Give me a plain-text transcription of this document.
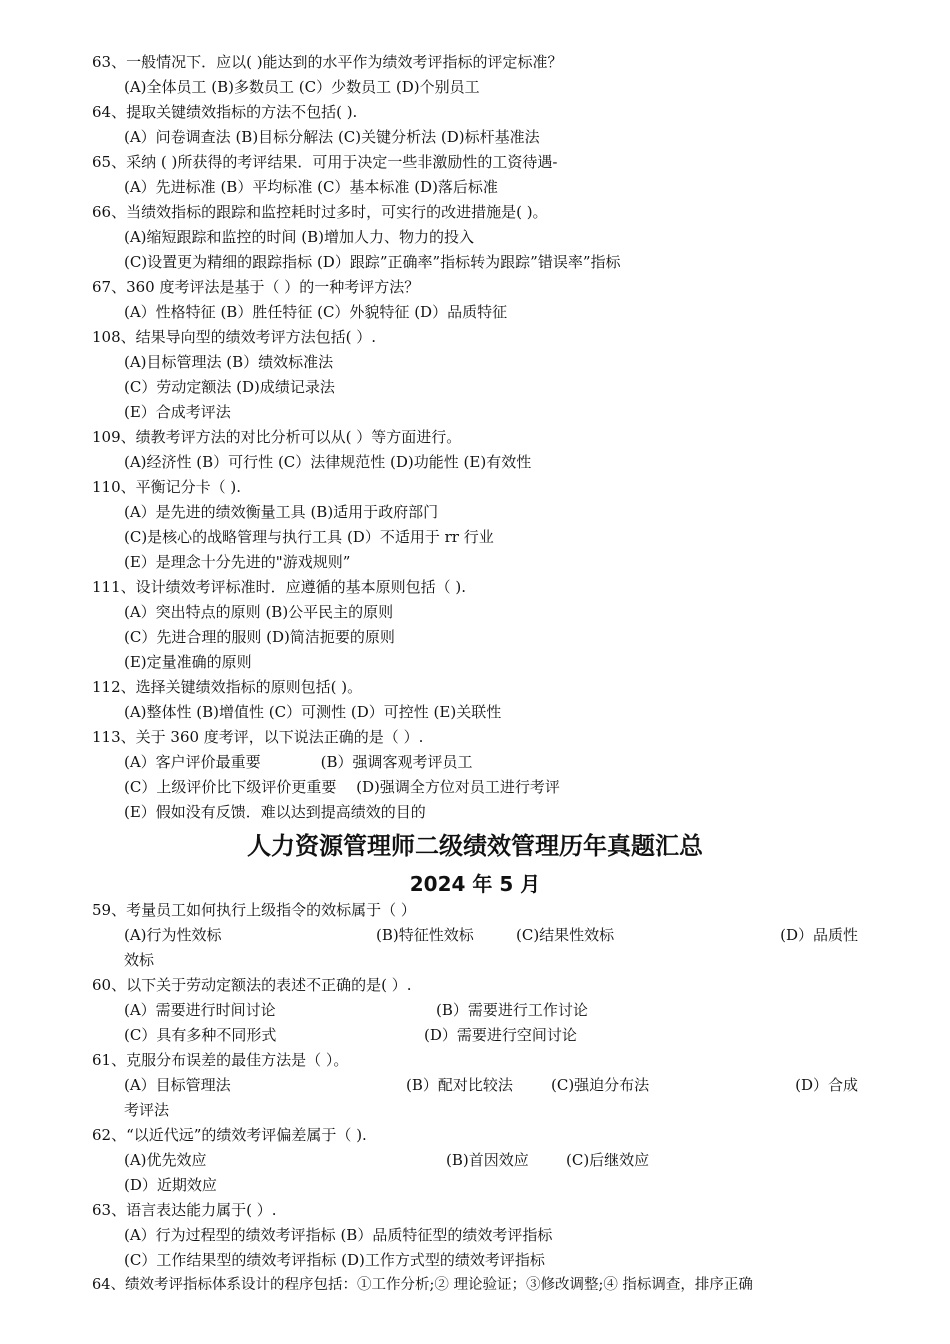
63、一般情况下．应以( )能达到的水平作为绩效考评指标的评定标准？
(A)全体员工 (B)多数员工 (C）少数员工 (D)个别员工
64、提取关键绩效指标的方法不包括( ).
(A）问卷调查法 (B)目标分解法 (C)关键分析法 (D)标杆基准法
65、采纳 ( )所获得的考评结果．可用于决定一些非激励性的工资待遇-
(A）先进标准 (B）平均标准 (C）基本标准 (D)落后标准
66、当绩效指标的跟踪和监控耗时过多时，可实行的改进措施是( )。
(A)缩短跟踪和监控的时间 (B)增加人力、物力的投入
(C)设置更为精细的跟踪指标 (D）跟踪”正确率”指标转为跟踪”错误率”指标
67、360 度考评法是基于（ ）的一种考评方法？
(A）性格特征 (B）胜任特征 (C）外貌特征 (D）品质特征
108、结果导向型的绩效考评方法包括( ）.
(A)目标管理法 (B）绩效标准法
(C）劳动定额法 (D)成绩记录法
(E）合成考评法
109、绩教考评方法的对比分析可以从( ）等方面进行。
(A)经济性 (B）可行性 (C）法律规范性 (D)功能性 (E)有效性
110、平衡记分卡（ ).
(A）是先进的绩效衡量工具 (B)适用于政府部门
(C)是核心的战略管理与执行工具 (D）不适用于 rr 行业
(E）是理念十分先进的"游戏规则”
111、设计绩效考评标准时．应遵循的基本原则包括（ ).
(A）突出特点的原则 (B)公平民主的原则
(C）先进合理的服则 (D)简洁扼要的原则
(E)定量准确的原则
112、选择关键绩效指标的原则包括( )。
(A)整体性 (B)增值性 (C）可测性 (D）可控性 (E)关联性
113、关于 360 度考评，以下说法正确的是（ ）.
(A）客户评价最重要　　　　(B）强调客观考评员工
(C）上级评价比下级评价更重要　 (D)强调全方位对员工进行考评
(E）假如没有反馈．难以达到提高绩效的目的
人力资源管理师二级绩效管理历年真题汇总
2024 年 5 月
59、考量员工如何执行上级指令的效标属于（ ）
(A)行为性效标	(B)特征性效标	(C)结果性效标	(D）品质性
效标
60、以下关于劳动定额法的表述不正确的是( ）.
(A）需要进行时间讨论	(B）需要进行工作讨论
(C）具有多种不同形式	(D）需要进行空间讨论
61、克服分布误差的最佳方法是（ ）。
(A）目标管理法	(B）配对比较法	(C)强迫分布法	(D）合成
考评法
62、“以近代远”的绩效考评偏差属于（ ).
(A)优先效应	(B)首因效应	(C)后继效应
(D）近期效应
63、语言表达能力属于( ）.
(A）行为过程型的绩效考评指标 (B）品质特征型的绩效考评指标
(C）工作结果型的绩效考评指标 (D)工作方式型的绩效考评指标
64、绩效考评指标体系设计的程序包括：①工作分析;② 理论验证；③修改调整;④ 指标调查，排序正确
